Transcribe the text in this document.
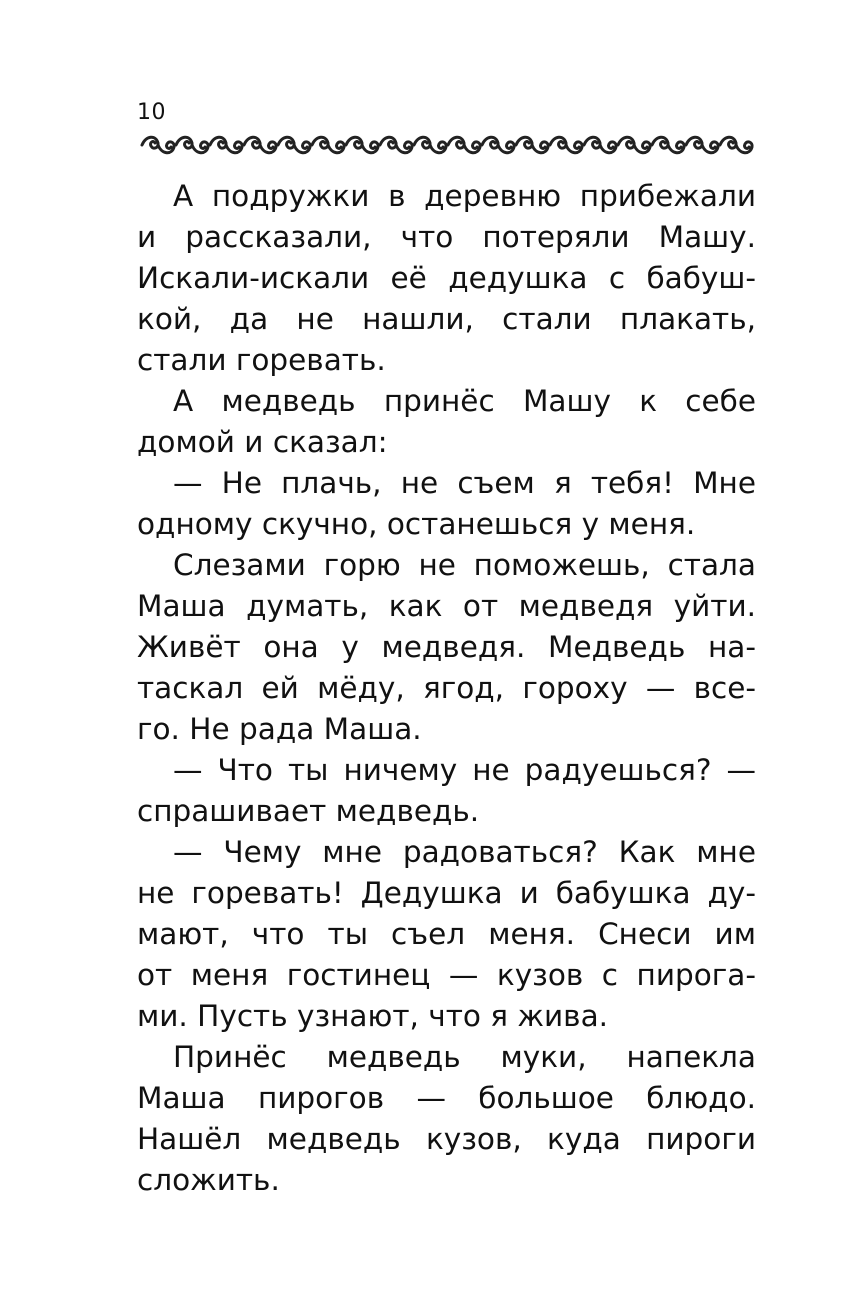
10
А подружки в деревню прибежали
и рассказали, что потеряли Машу.
Искали-искали её дедушка с бабуш-
кой, да не нашли, стали плакать,
стали горевать.
А медведь принёс Машу к себе
домой и сказал:
— Не плачь, не съем я тебя! Мне
одному скучно, останешься у меня.
Слезами горю не поможешь, стала
Маша думать, как от медведя уйти.
Живёт она у медведя. Медведь на-
таскал ей мёду, ягод, гороху — все-
го. Не рада Маша.
— Что ты ничему не радуешься? —
спрашивает медведь.
— Чему мне радоваться? Как мне
не горевать! Дедушка и бабушка ду-
мают, что ты съел меня. Снеси им
от меня гостинец — кузов с пирога-
ми. Пусть узнают, что я жива.
Принёс медведь муки, напекла
Маша пирогов — большое блюдо.
Нашёл медведь кузов, куда пироги
сложить.
